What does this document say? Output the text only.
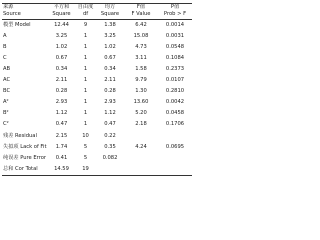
来源	平方和	自由度	均方	F值	P值
Source	Square	df	Square	F Value	Prob > F
模型 Model	12.44	9	1.38	6.42	0.0014
A	3.25	1	3.25	15.08	0.0031
B	1.02	1	1.02	4.73	0.0548
C	0.67	1	0.67	3.11	0.1084
AB	0.34	1	0.34	1.58	0.2373
AC	2.11	1	2.11	9.79	0.0107
BC	0.28	1	0.28	1.30	0.2810
A²	2.93	1	2.93	13.60	0.0042
B²	1.12	1	1.12	5.20	0.0458
C²	0.47	1	0.47	2.18	0.1706
残差 Residual	2.15	10	0.22		
失拟项 Lack of Fit	1.74	5	0.35	4.24	0.0695
纯误差 Pure Error	0.41	5	0.082		
总和 Cor Total	14.59	19			
